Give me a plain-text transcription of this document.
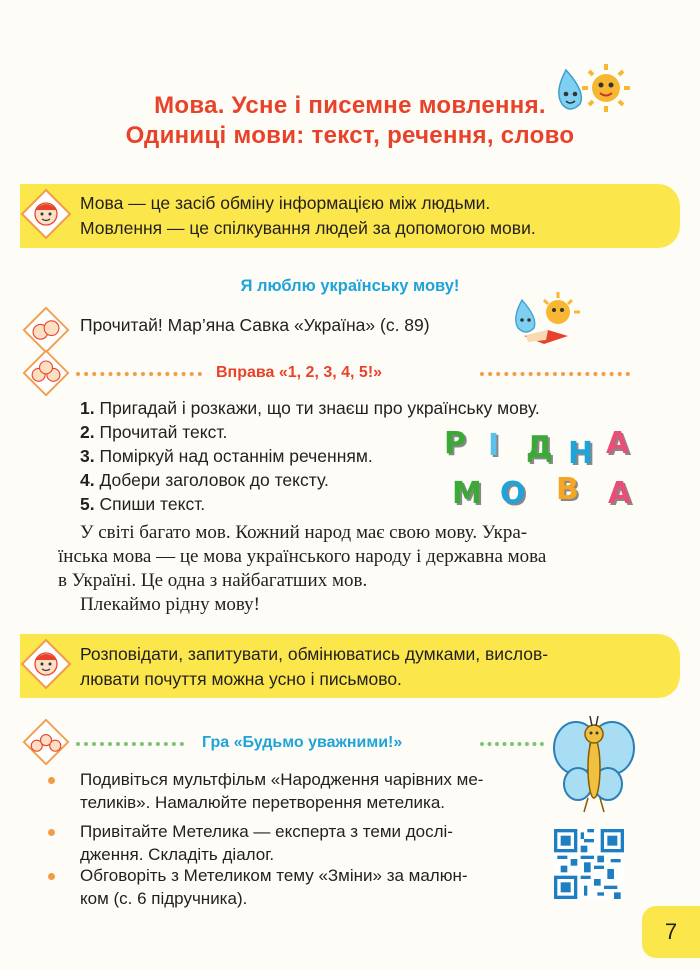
Мова. Усне і писемне мовлення.
Одиниці мови: текст, речення, слово
Мова — це засіб обміну інформацією між людьми.
Мовлення — це спілкування людей за допомогою мови.
Я люблю українську мову!
Прочитай! Мар’яна Савка «Україна» (с. 89)
Вправа «1, 2, 3, 4, 5!»
1. Пригадай і розкажи, що ти знаєш про українську мову.
2. Прочитай текст.
3. Поміркуй над останнім реченням.
4. Добери заголовок до тексту.
5. Спиши текст.
Р І Д Н А
М О В А
У світі багато мов. Кожний народ має свою мову. Укра-
їнська мова — це мова українського народу і державна мова
в Україні. Це одна з найбагатших мов.
Плекаймо рідну мову!
Розповідати, запитувати, обмінюватись думками, вислов-
лювати почуття можна усно і письмово.
Гра «Будьмо уважними!»
Подивіться мультфільм «Народження чарівних ме-
теликів». Намалюйте перетворення метелика.
Привітайте Метелика — експерта з теми дослі-
дження. Складіть діалог.
Обговоріть з Метеликом тему «Зміни» за малюн-
ком (с. 6 підручника).
7
